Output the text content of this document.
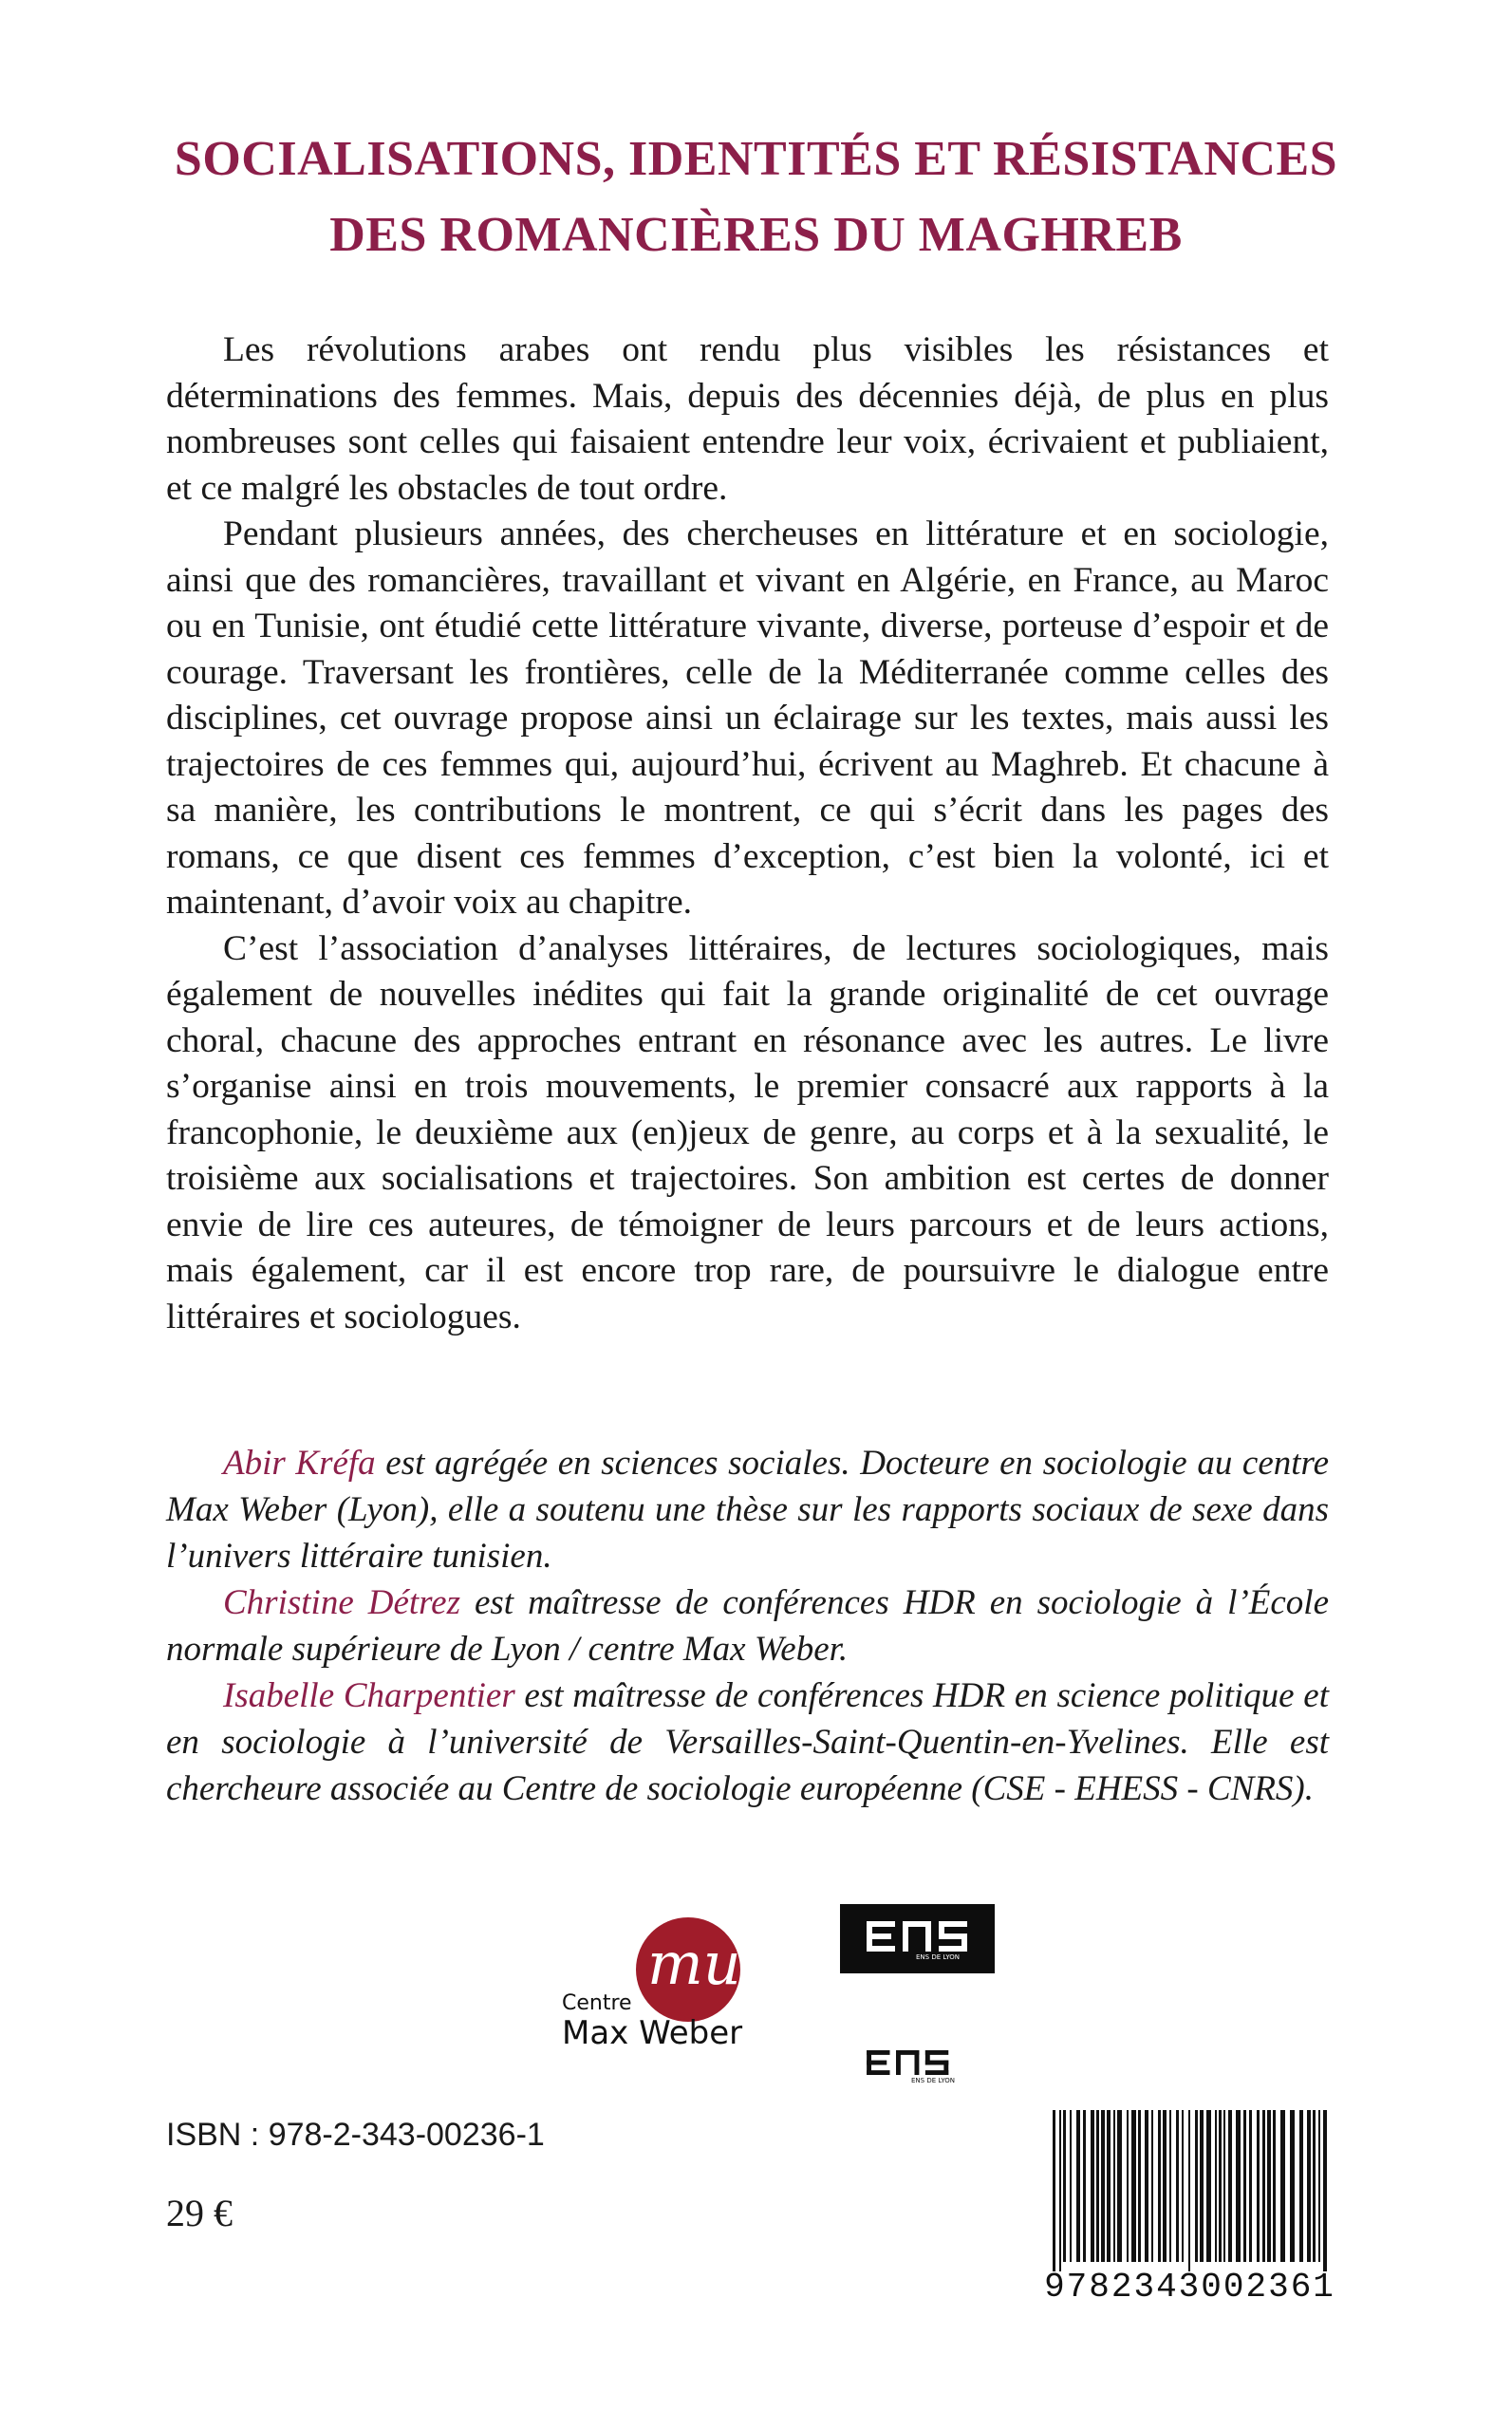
SOCIALISATIONS, IDENTITÉS ET RÉSISTANCES
DES ROMANCIÈRES DU MAGHREB

Les révolutions arabes ont rendu plus visibles les résistances et déterminations des femmes. Mais, depuis des décennies déjà, de plus en plus nombreuses sont celles qui faisaient entendre leur voix, écrivaient et publiaient, et ce malgré les obstacles de tout ordre.

Pendant plusieurs années, des chercheuses en littérature et en sociologie, ainsi que des romancières, travaillant et vivant en Algérie, en France, au Maroc ou en Tunisie, ont étudié cette littérature vivante, diverse, porteuse d’espoir et de courage. Traversant les frontières, celle de la Méditerranée comme celles des disciplines, cet ouvrage propose ainsi un éclairage sur les textes, mais aussi les trajectoires de ces femmes qui, aujourd’hui, écrivent au Maghreb. Et chacune à sa manière, les contributions le montrent, ce qui s’écrit dans les pages des romans, ce que disent ces femmes d’exception, c’est bien la volonté, ici et maintenant, d’avoir voix au chapitre.

C’est l’association d’analyses littéraires, de lectures sociologiques, mais également de nouvelles inédites qui fait la grande originalité de cet ouvrage choral, chacune des approches entrant en résonance avec les autres. Le livre s’organise ainsi en trois mouvements, le premier consacré aux rapports à la francophonie, le deuxième aux (en)jeux de genre, au corps et à la sexualité, le troisième aux socialisations et trajectoires. Son ambition est certes de donner envie de lire ces auteures, de témoigner de leurs parcours et de leurs actions, mais également, car il est encore trop rare, de poursuivre le dialogue entre littéraires et sociologues.

Abir Kréfa est agrégée en sciences sociales. Docteure en sociologie au centre Max Weber (Lyon), elle a soutenu une thèse sur les rapports sociaux de sexe dans l’univers littéraire tunisien.

Christine Détrez est maîtresse de conférences HDR en sociologie à l’École normale supérieure de Lyon / centre Max Weber.

Isabelle Charpentier est maîtresse de conférences HDR en science politique et en sociologie à l’université de Versailles-Saint-Quentin-en-Yvelines. Elle est chercheure associée au Centre de sociologie européenne (CSE - EHESS - CNRS).

mu
Centre
Max Weber
ENS DE LYON
ENS DE LYON
ISBN : 978-2-343-00236-1
29 €
9782343002361
